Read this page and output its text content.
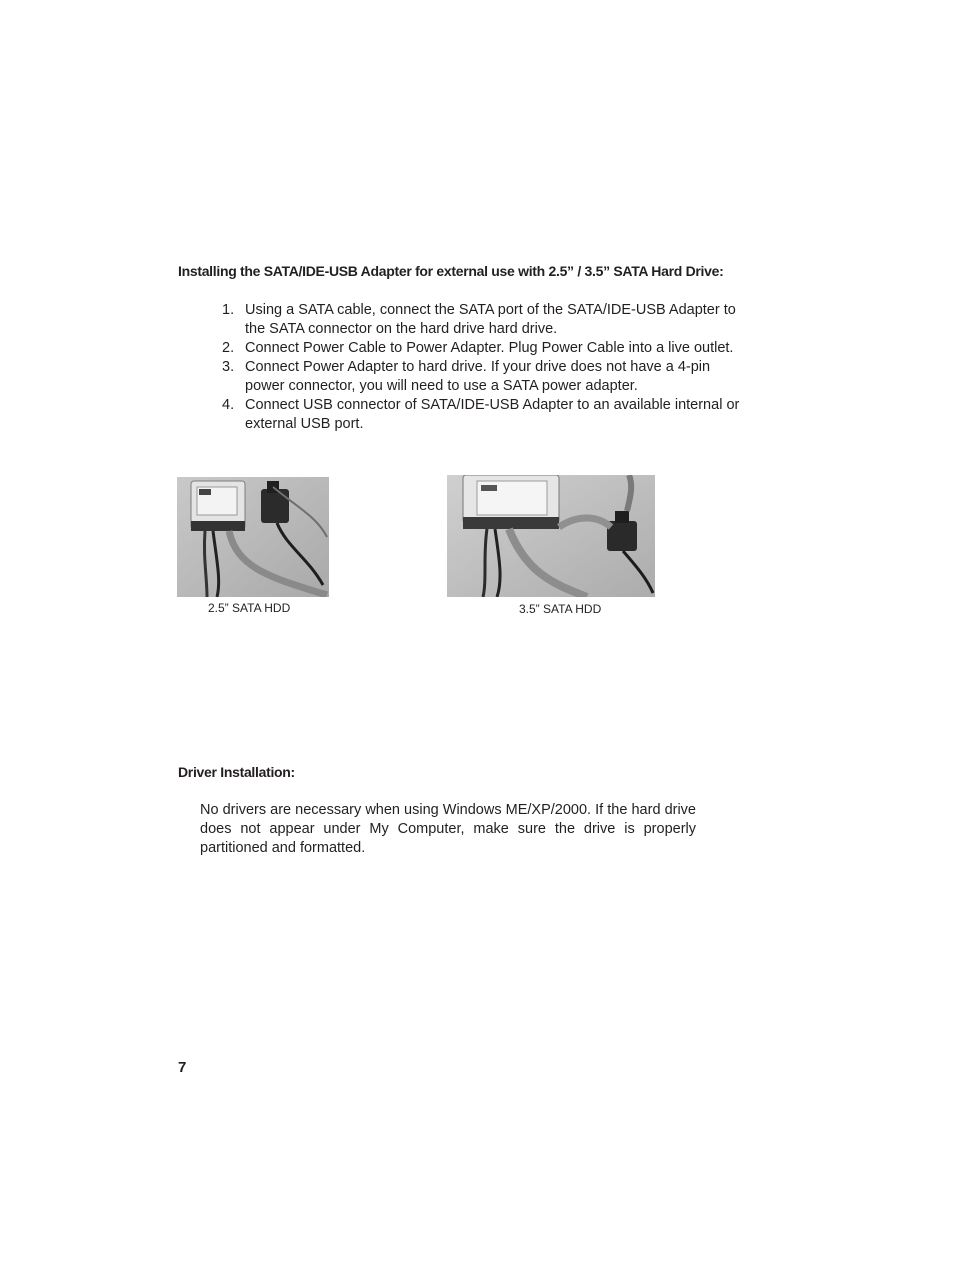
Installing the SATA/IDE-USB Adapter for external use with 2.5” / 3.5” SATA Hard Drive:
1. Using a SATA cable, connect the SATA port of the SATA/IDE-USB Adapter to the SATA connector on the hard drive hard drive.
2. Connect Power Cable to Power Adapter. Plug Power Cable into a live outlet.
3. Connect Power Adapter to hard drive. If your drive does not have a 4-pin power connector, you will need to use a SATA power adapter.
4. Connect USB connector of SATA/IDE-USB Adapter to an available internal or external USB port.
2.5” SATA HDD	3.5” SATA HDD
Driver Installation:

No drivers are necessary when using Windows ME/XP/2000. If the hard drive does not appear under My Computer, make sure the drive is properly partitioned and formatted.

7
